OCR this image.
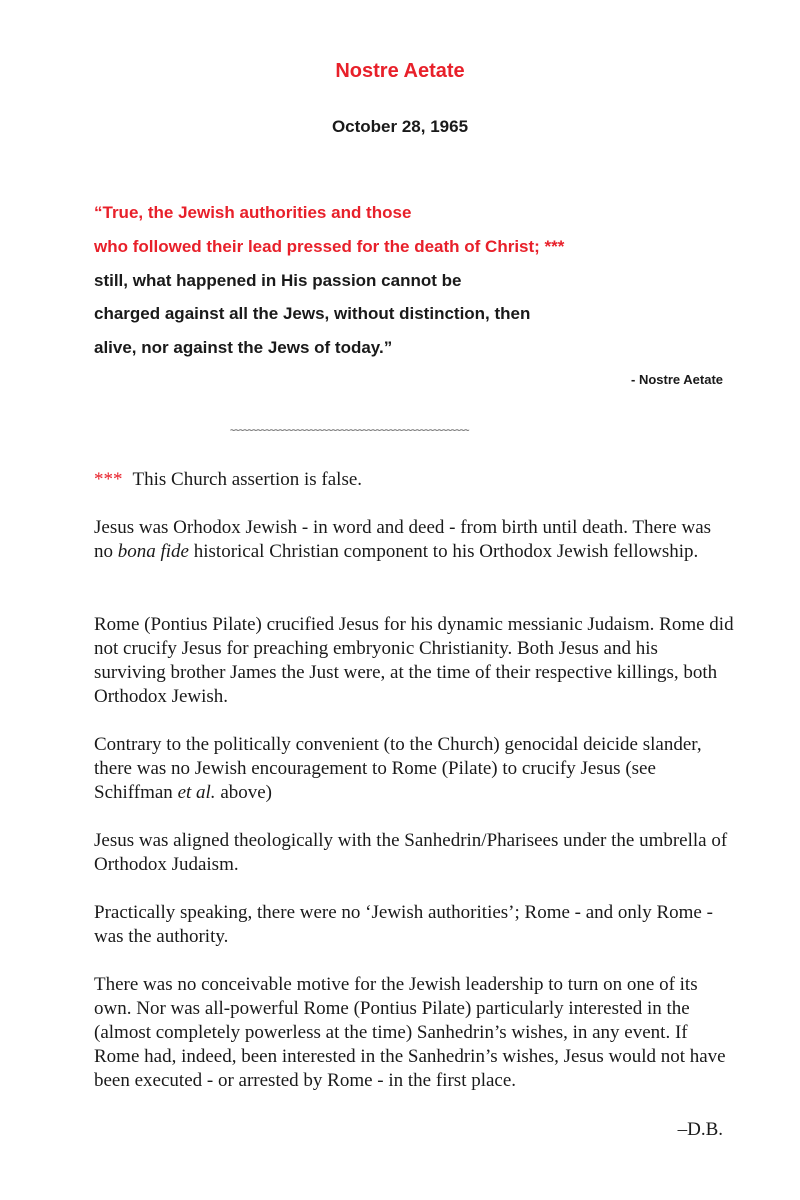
Nostre Aetate
October 28, 1965
“True, the Jewish authorities and those
who followed their lead pressed for the death of Christ; ***
still, what happened in His passion cannot be
charged against all the Jews, without distinction, then
alive, nor against the Jews of today.”
- Nostre Aetate
~~~~~~~~~~~~~~~~~~~~~~~~~~~~~~~~~~~~~~~~~~~~~~~~~~~~~~
*** This Church assertion is false.
Jesus was Orhodox Jewish - in word and deed - from birth until death. There was no bona fide historical Christian component to his Orthodox Jewish fellowship.
Rome (Pontius Pilate) crucified Jesus for his dynamic messianic Judaism. Rome did not crucify Jesus for preaching embryonic Christianity. Both Jesus and his surviving brother James the Just were, at the time of their respective killings, both Orthodox Jewish.
Contrary to the politically convenient (to the Church) genocidal deicide slander, there was no Jewish encouragement to Rome (Pilate) to crucify Jesus (see Schiffman et al. above)
Jesus was aligned theologically with the Sanhedrin/Pharisees under the umbrella of Orthodox Judaism.
Practically speaking, there were no ‘Jewish authorities’; Rome - and only Rome - was the authority.
There was no conceivable motive for the Jewish leadership to turn on one of its own. Nor was all-powerful Rome (Pontius Pilate) particularly interested in the (almost completely powerless at the time) Sanhedrin’s wishes, in any event. If Rome had, indeed, been interested in the Sanhedrin’s wishes, Jesus would not have been executed - or arrested by Rome - in the first place.
–D.B.
